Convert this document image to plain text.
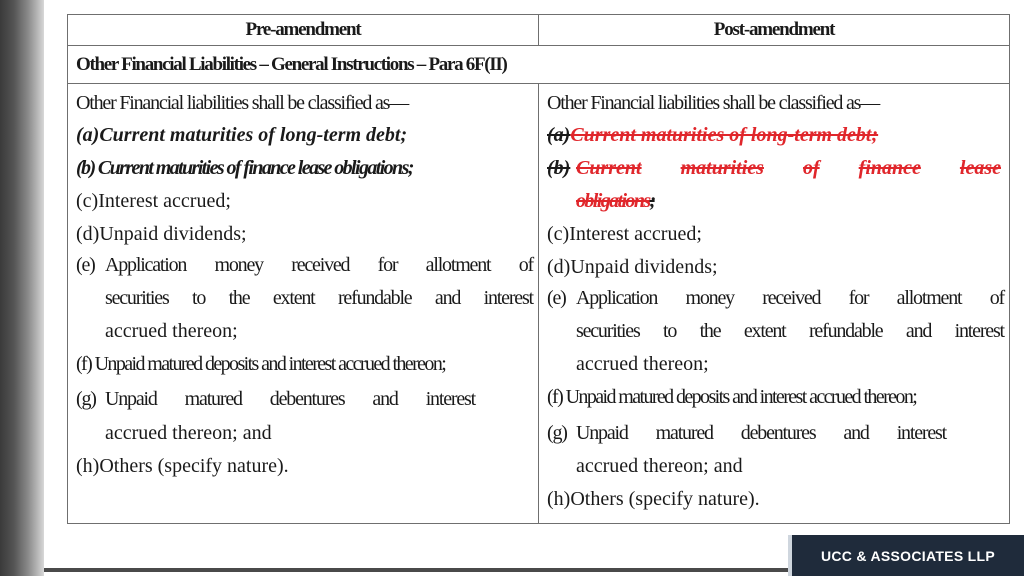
Pre-amendment	Post-amendment
Other Financial Liabilities – General Instructions – Para 6F(II)
Other Financial liabilities shall be classified as—
(a)Current maturities of long-term debt;
(b) Current maturities of finance lease obligations;
(c)Interest accrued;
(d)Unpaid dividends;
(e) Application money received for allotment of
securities to the extent refundable and interest
accrued thereon;
(f) Unpaid matured deposits and interest accrued thereon;
(g) Unpaid matured debentures and interest
accrued thereon; and
(h)Others (specify nature).
Other Financial liabilities shall be classified as—
(a)Current maturities of long-term debt;
(b) Current maturities of finance lease
obligations;
(c)Interest accrued;
(d)Unpaid dividends;
(e) Application money received for allotment of
securities to the extent refundable and interest
accrued thereon;
(f) Unpaid matured deposits and interest accrued thereon;
(g) Unpaid matured debentures and interest
accrued thereon; and
(h)Others (specify nature).
UCC & ASSOCIATES LLP
